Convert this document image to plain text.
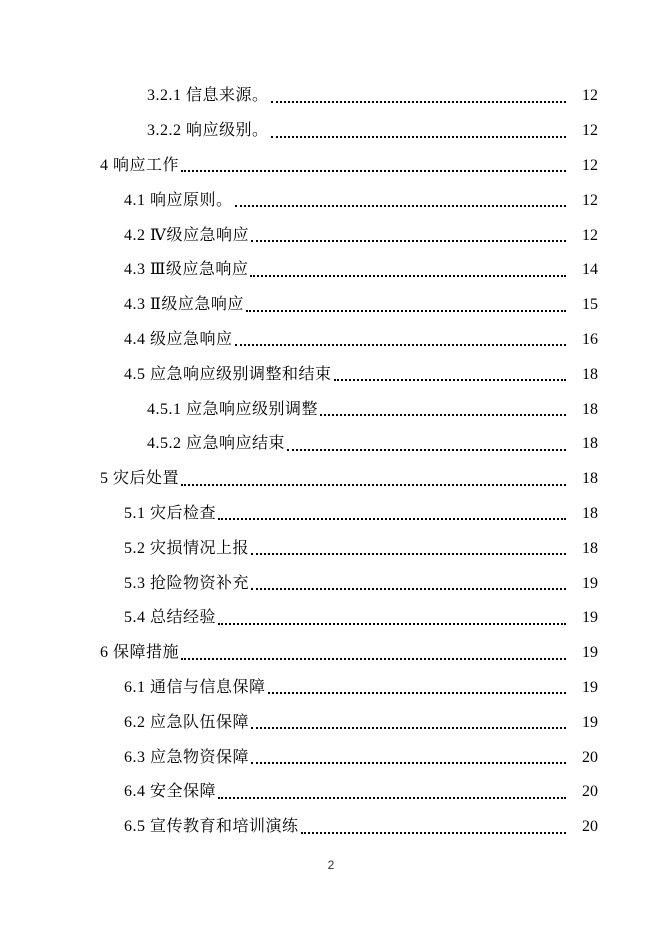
3.2.1 信息来源。	12
3.2.2 响应级别。	12
4 响应工作	12
4.1 响应原则。	12
4.2 Ⅳ级应急响应	12
4.3 Ⅲ级应急响应	14
4.3 Ⅱ级应急响应	15
4.4 级应急响应	16
4.5 应急响应级别调整和结束	18
4.5.1 应急响应级别调整	18
4.5.2 应急响应结束	18
5 灾后处置	18
5.1 灾后检查	18
5.2 灾损情况上报	18
5.3 抢险物资补充	19
5.4 总结经验	19
6 保障措施	19
6.1 通信与信息保障	19
6.2 应急队伍保障	19
6.3 应急物资保障	20
6.4 安全保障	20
6.5 宣传教育和培训演练	20
2
